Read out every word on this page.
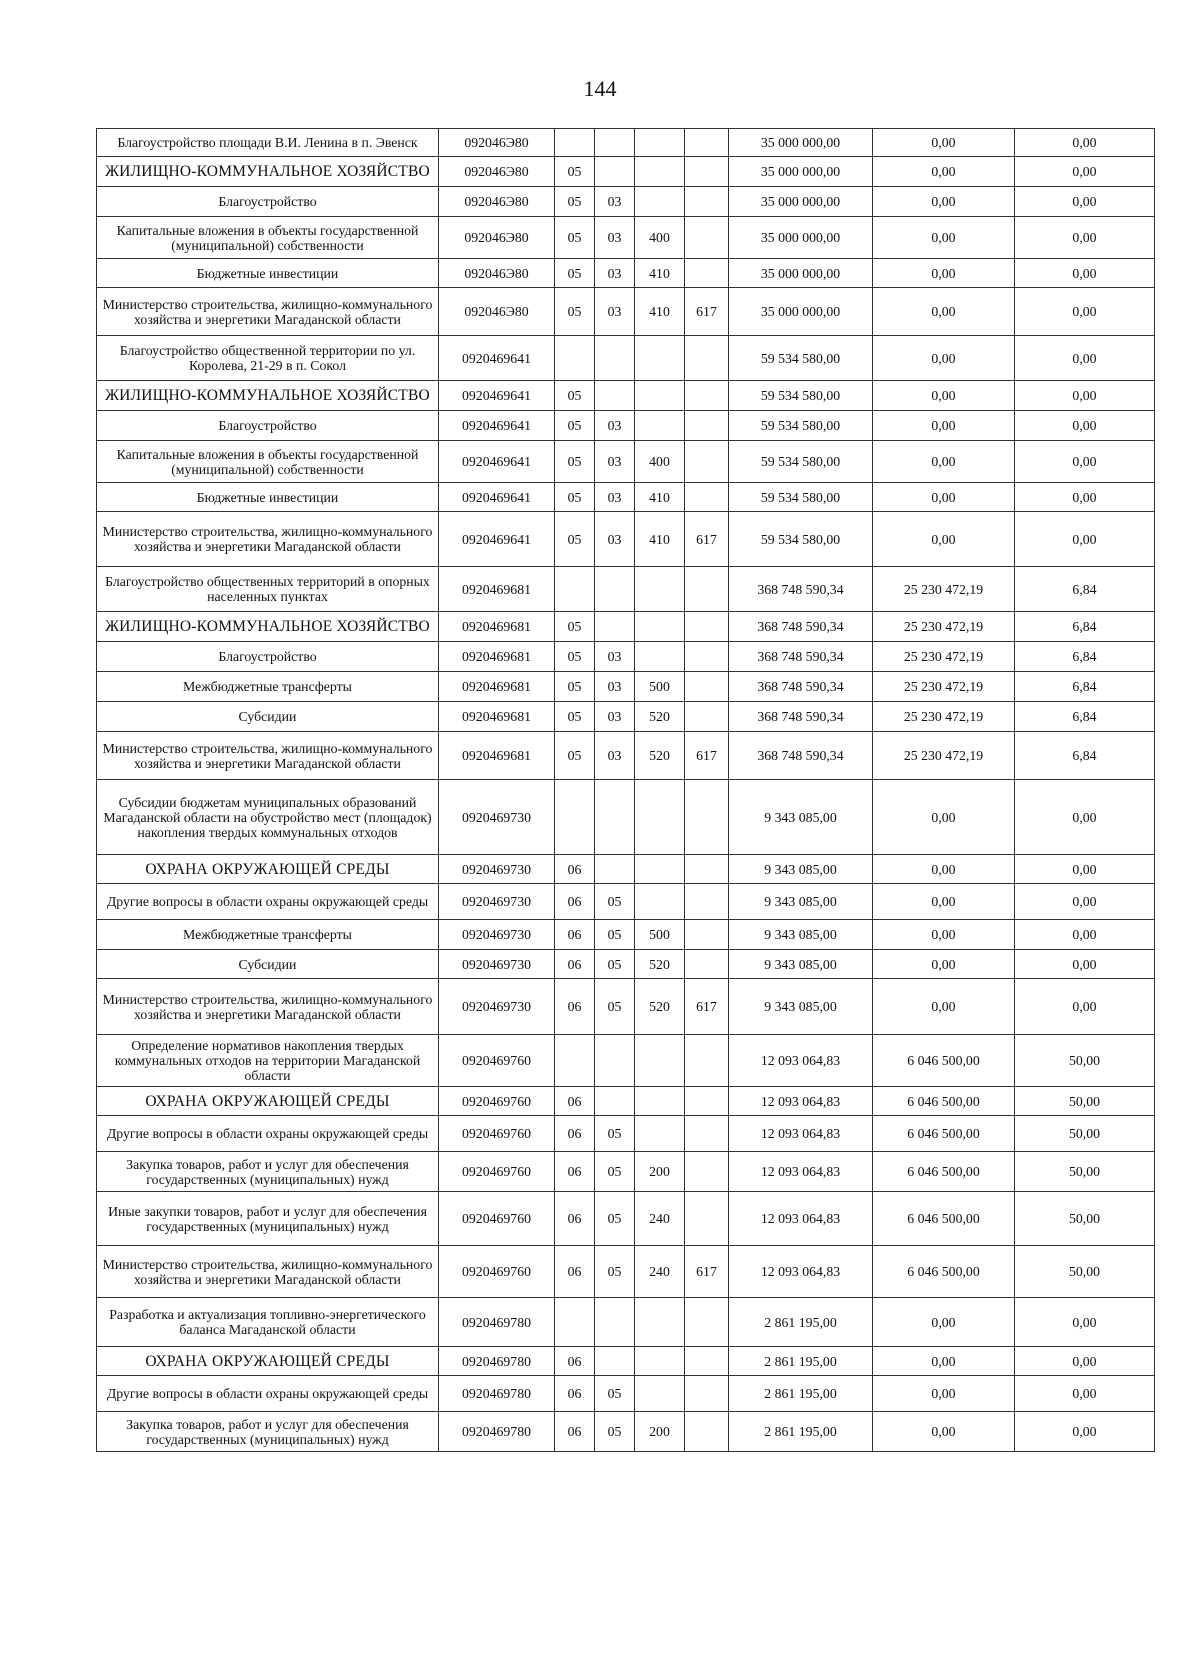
144
Благоустройство площади В.И. Ленина в п. Эвенск	092046Э80					35 000 000,00	0,00	0,00
ЖИЛИЩНО-КОММУНАЛЬНОЕ ХОЗЯЙСТВО	092046Э80	05				35 000 000,00	0,00	0,00
Благоустройство	092046Э80	05	03			35 000 000,00	0,00	0,00
Капитальные вложения в объекты государственной (муниципальной) собственности	092046Э80	05	03	400		35 000 000,00	0,00	0,00
Бюджетные инвестиции	092046Э80	05	03	410		35 000 000,00	0,00	0,00
Министерство строительства, жилищно-коммунального хозяйства и энергетики Магаданской области	092046Э80	05	03	410	617	35 000 000,00	0,00	0,00
Благоустройство общественной территории по ул. Королева, 21-29 в п. Сокол	0920469641					59 534 580,00	0,00	0,00
ЖИЛИЩНО-КОММУНАЛЬНОЕ ХОЗЯЙСТВО	0920469641	05				59 534 580,00	0,00	0,00
Благоустройство	0920469641	05	03			59 534 580,00	0,00	0,00
Капитальные вложения в объекты государственной (муниципальной) собственности	0920469641	05	03	400		59 534 580,00	0,00	0,00
Бюджетные инвестиции	0920469641	05	03	410		59 534 580,00	0,00	0,00
Министерство строительства, жилищно-коммунального хозяйства и энергетики Магаданской области	0920469641	05	03	410	617	59 534 580,00	0,00	0,00
Благоустройство общественных территорий в опорных населенных пунктах	0920469681					368 748 590,34	25 230 472,19	6,84
ЖИЛИЩНО-КОММУНАЛЬНОЕ ХОЗЯЙСТВО	0920469681	05				368 748 590,34	25 230 472,19	6,84
Благоустройство	0920469681	05	03			368 748 590,34	25 230 472,19	6,84
Межбюджетные трансферты	0920469681	05	03	500		368 748 590,34	25 230 472,19	6,84
Субсидии	0920469681	05	03	520		368 748 590,34	25 230 472,19	6,84
Министерство строительства, жилищно-коммунального хозяйства и энергетики Магаданской области	0920469681	05	03	520	617	368 748 590,34	25 230 472,19	6,84
Субсидии бюджетам муниципальных образований Магаданской области на обустройство мест (площадок) накопления твердых коммунальных отходов	0920469730					9 343 085,00	0,00	0,00
ОХРАНА ОКРУЖАЮЩЕЙ СРЕДЫ	0920469730	06				9 343 085,00	0,00	0,00
Другие вопросы в области охраны окружающей среды	0920469730	06	05			9 343 085,00	0,00	0,00
Межбюджетные трансферты	0920469730	06	05	500		9 343 085,00	0,00	0,00
Субсидии	0920469730	06	05	520		9 343 085,00	0,00	0,00
Министерство строительства, жилищно-коммунального хозяйства и энергетики Магаданской области	0920469730	06	05	520	617	9 343 085,00	0,00	0,00
Определение нормативов накопления твердых коммунальных отходов на территории Магаданской области	0920469760					12 093 064,83	6 046 500,00	50,00
ОХРАНА ОКРУЖАЮЩЕЙ СРЕДЫ	0920469760	06				12 093 064,83	6 046 500,00	50,00
Другие вопросы в области охраны окружающей среды	0920469760	06	05			12 093 064,83	6 046 500,00	50,00
Закупка товаров, работ и услуг для обеспечения государственных (муниципальных) нужд	0920469760	06	05	200		12 093 064,83	6 046 500,00	50,00
Иные закупки товаров, работ и услуг для обеспечения государственных (муниципальных) нужд	0920469760	06	05	240		12 093 064,83	6 046 500,00	50,00
Министерство строительства, жилищно-коммунального хозяйства и энергетики Магаданской области	0920469760	06	05	240	617	12 093 064,83	6 046 500,00	50,00
Разработка и актуализация топливно-энергетического баланса Магаданской области	0920469780					2 861 195,00	0,00	0,00
ОХРАНА ОКРУЖАЮЩЕЙ СРЕДЫ	0920469780	06				2 861 195,00	0,00	0,00
Другие вопросы в области охраны окружающей среды	0920469780	06	05			2 861 195,00	0,00	0,00
Закупка товаров, работ и услуг для обеспечения государственных (муниципальных) нужд	0920469780	06	05	200		2 861 195,00	0,00	0,00
